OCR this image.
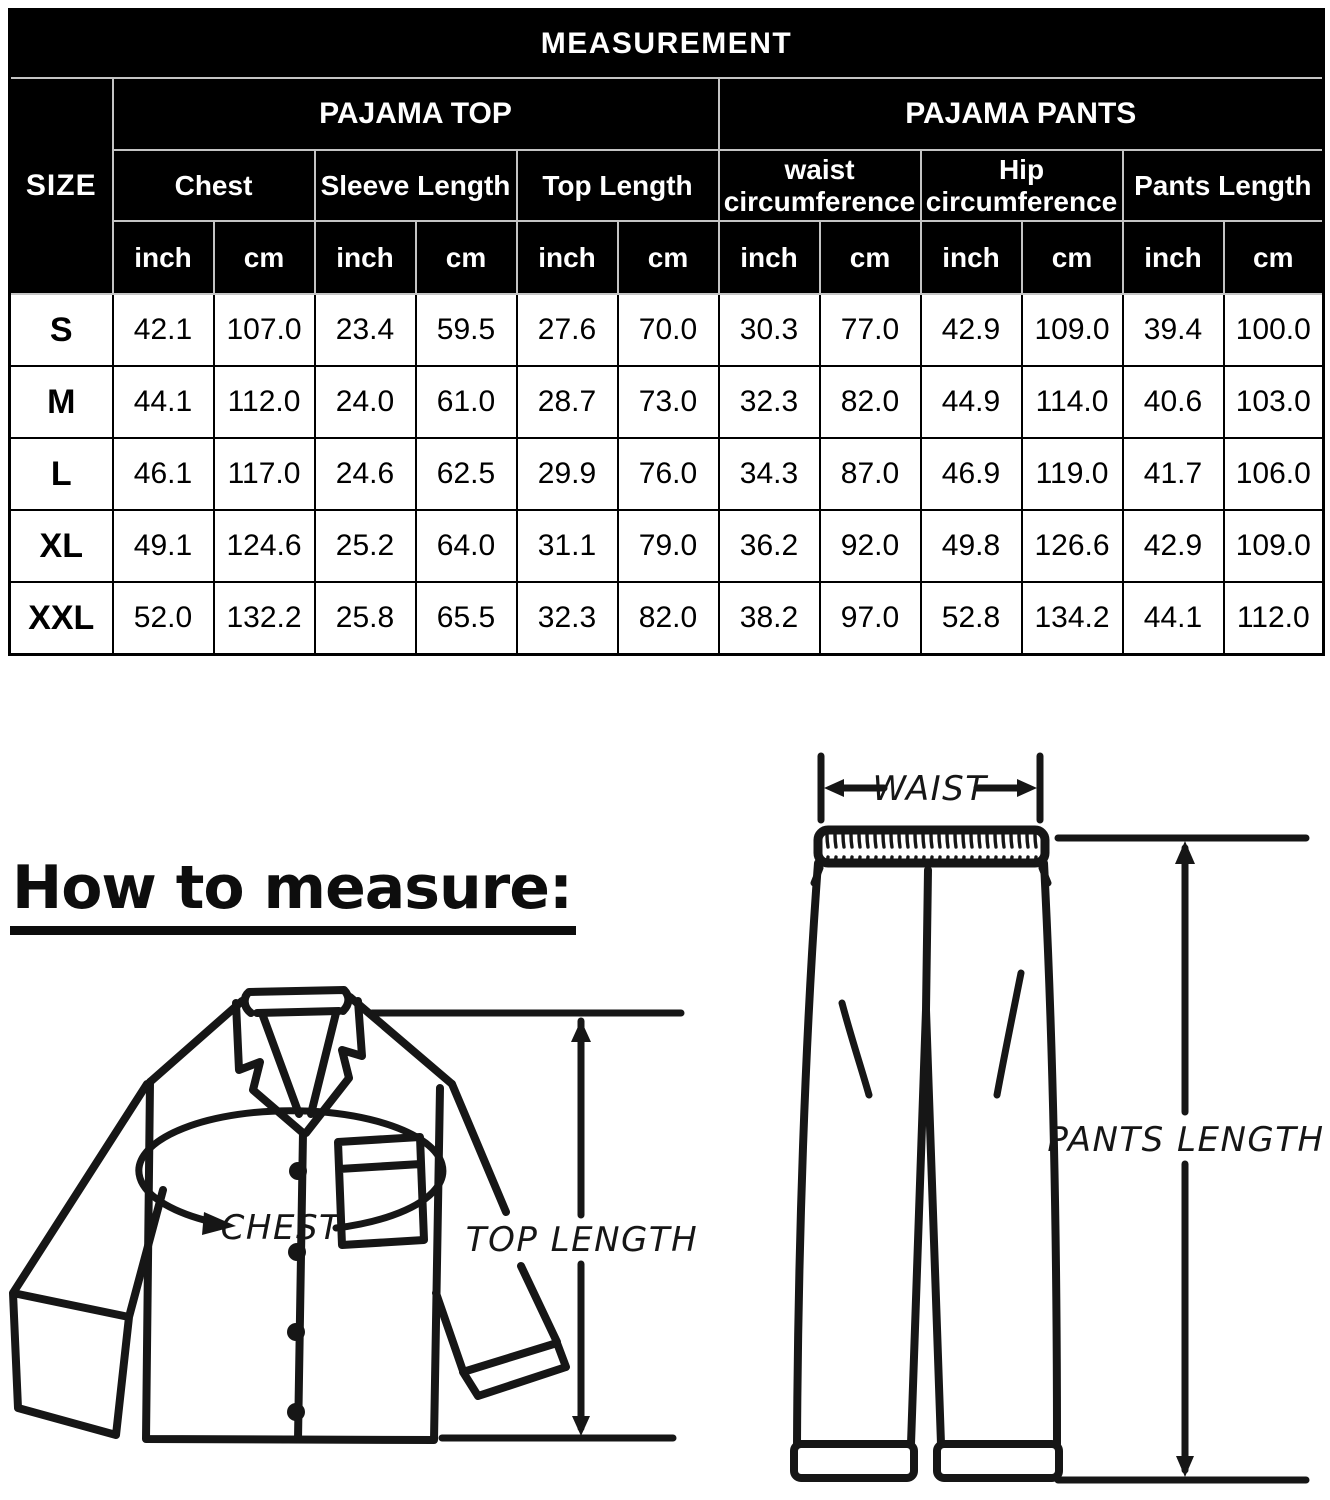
MEASUREMENT												
SIZE	PAJAMA TOP						PAJAMA PANTS					
	Chest		Sleeve Length		Top Length		waist circumference		Hip circumference		Pants Length	
	inch	cm	inch	cm	inch	cm	inch	cm	inch	cm	inch	cm
S	42.1	107.0	23.4	59.5	27.6	70.0	30.3	77.0	42.9	109.0	39.4	100.0
M	44.1	112.0	24.0	61.0	28.7	73.0	32.3	82.0	44.9	114.0	40.6	103.0
L	46.1	117.0	24.6	62.5	29.9	76.0	34.3	87.0	46.9	119.0	41.7	106.0
XL	49.1	124.6	25.2	64.0	31.1	79.0	36.2	92.0	49.8	126.6	42.9	109.0
XXL	52.0	132.2	25.8	65.5	32.3	82.0	38.2	97.0	52.8	134.2	44.1	112.0
How to measure:
CHEST	TOP LENGTH
WAIST
PANTS LENGTH
